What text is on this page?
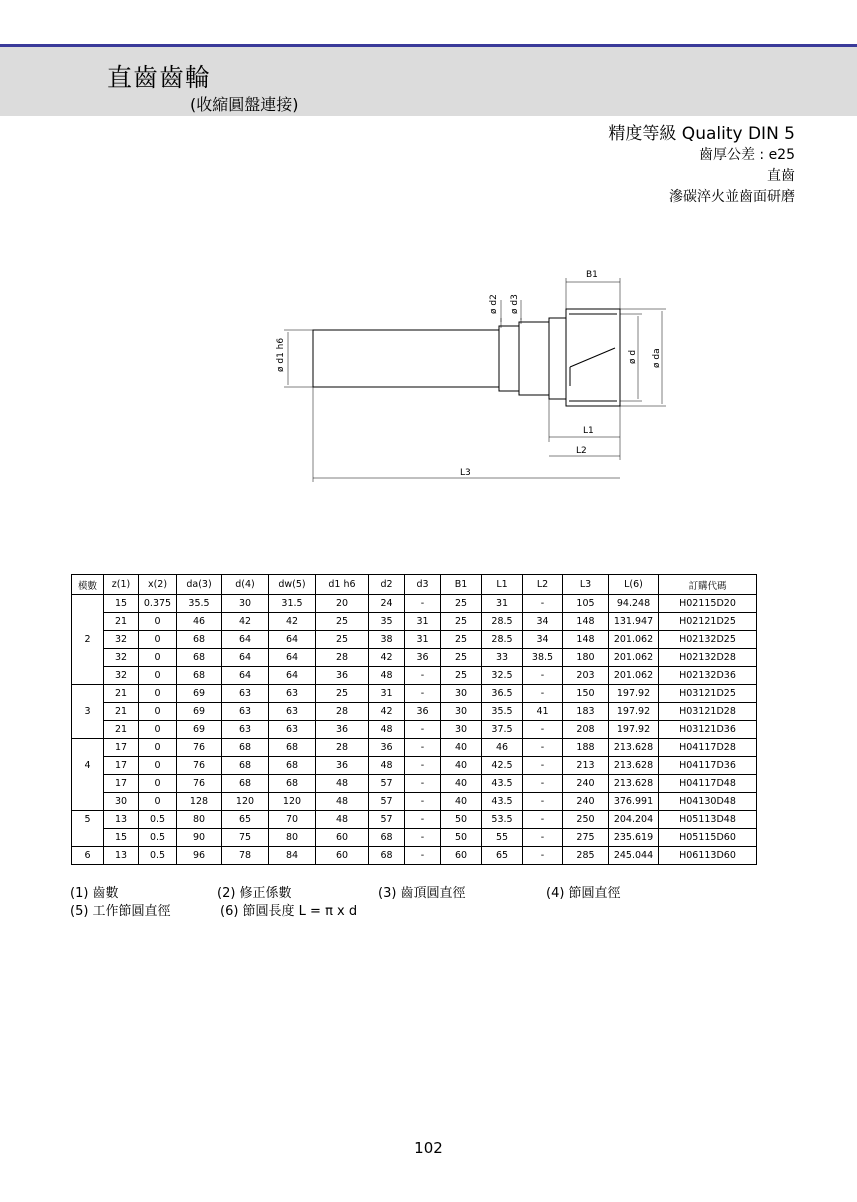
直齒齒輪
(收縮圓盤連接)
精度等級 Quality DIN 5
齒厚公差 : e25
直齒
滲碳淬火並齒面研磨
B1
ø d2 ø d3
ø d1 h6	ø d ø da
L1
L2
L3
模數	z(1)	x(2)	da(3)	d(4)	dw(5)	d1 h6	d2	d3	B1	L1	L2	L3	L(6)	訂購代碼
	15	0.375	35.5	30	31.5	20	24	-	25	31	-	105	94.248	H02115D20
	21	0	46	42	42	25	35	31	25	28.5	34	148	131.947	H02121D25
2	32	0	68	64	64	25	38	31	25	28.5	34	148	201.062	H02132D25
	32	0	68	64	64	28	42	36	25	33	38.5	180	201.062	H02132D28
	32	0	68	64	64	36	48	-	25	32.5	-	203	201.062	H02132D36
	21	0	69	63	63	25	31	-	30	36.5	-	150	197.92	H03121D25
3	21	0	69	63	63	28	42	36	30	35.5	41	183	197.92	H03121D28
	21	0	69	63	63	36	48	-	30	37.5	-	208	197.92	H03121D36
	17	0	76	68	68	28	36	-	40	46	-	188	213.628	H04117D28
4	17	0	76	68	68	36	48	-	40	42.5	-	213	213.628	H04117D36
	17	0	76	68	68	48	57	-	40	43.5	-	240	213.628	H04117D48
	30	0	128	120	120	48	57	-	40	43.5	-	240	376.991	H04130D48
5	13	0.5	80	65	70	48	57	-	50	53.5	-	250	204.204	H05113D48
	15	0.5	90	75	80	60	68	-	50	55	-	275	235.619	H05115D60
6	13	0.5	96	78	84	60	68	-	60	65	-	285	245.044	H06113D60
(1) 齒數	(2) 修正係數	(3) 齒頂圓直徑	(4) 節圓直徑
(5) 工作節圓直徑	(6) 節圓長度 L = π x d
102
